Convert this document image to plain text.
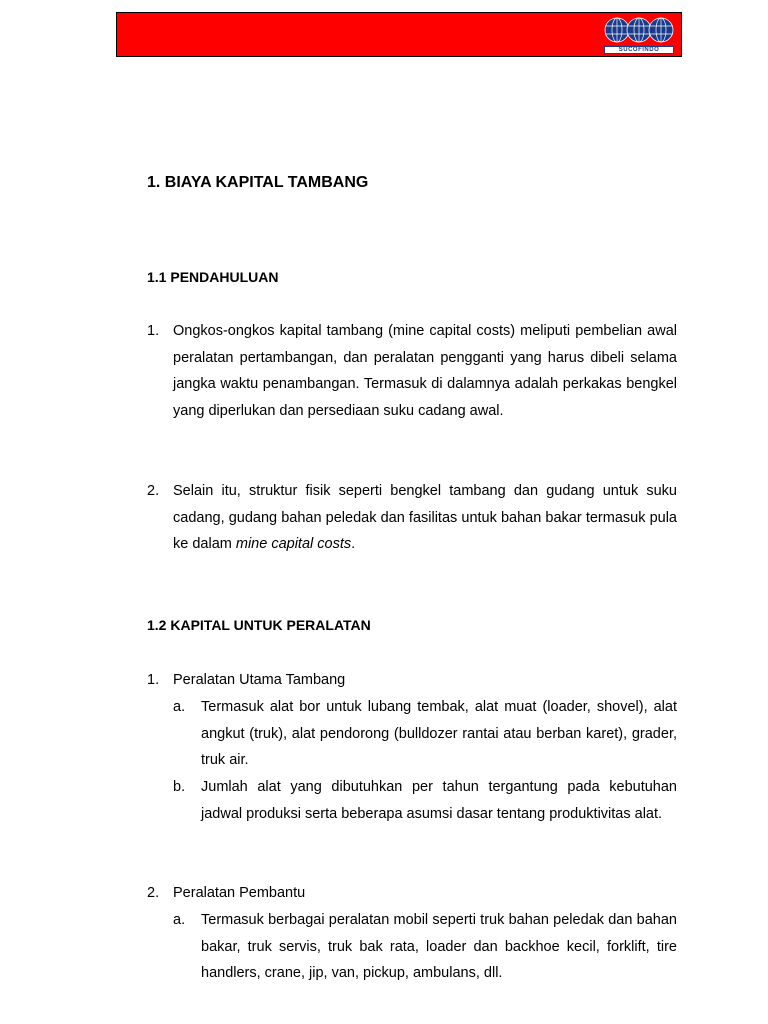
SUCOFINDO
1. BIAYA KAPITAL TAMBANG
1.1 PENDAHULUAN
1. Ongkos-ongkos kapital tambang (mine capital costs) meliputi pembelian awal peralatan pertambangan, dan peralatan pengganti yang harus dibeli selama jangka waktu penambangan. Termasuk di dalamnya adalah perkakas bengkel yang diperlukan dan persediaan suku cadang awal.
2. Selain itu, struktur fisik seperti bengkel tambang dan gudang untuk suku cadang, gudang bahan peledak dan fasilitas untuk bahan bakar termasuk pula ke dalam mine capital costs.
1.2 KAPITAL UNTUK PERALATAN
1. Peralatan Utama Tambang
a. Termasuk alat bor untuk lubang tembak, alat muat (loader, shovel), alat angkut (truk), alat pendorong (bulldozer rantai atau berban karet), grader, truk air.
b. Jumlah alat yang dibutuhkan per tahun tergantung pada kebutuhan jadwal produksi serta beberapa asumsi dasar tentang produktivitas alat.
2. Peralatan Pembantu
a. Termasuk berbagai peralatan mobil seperti truk bahan peledak dan bahan bakar, truk servis, truk bak rata, loader dan backhoe kecil, forklift, tire handlers, crane, jip, van, pickup, ambulans, dll.
